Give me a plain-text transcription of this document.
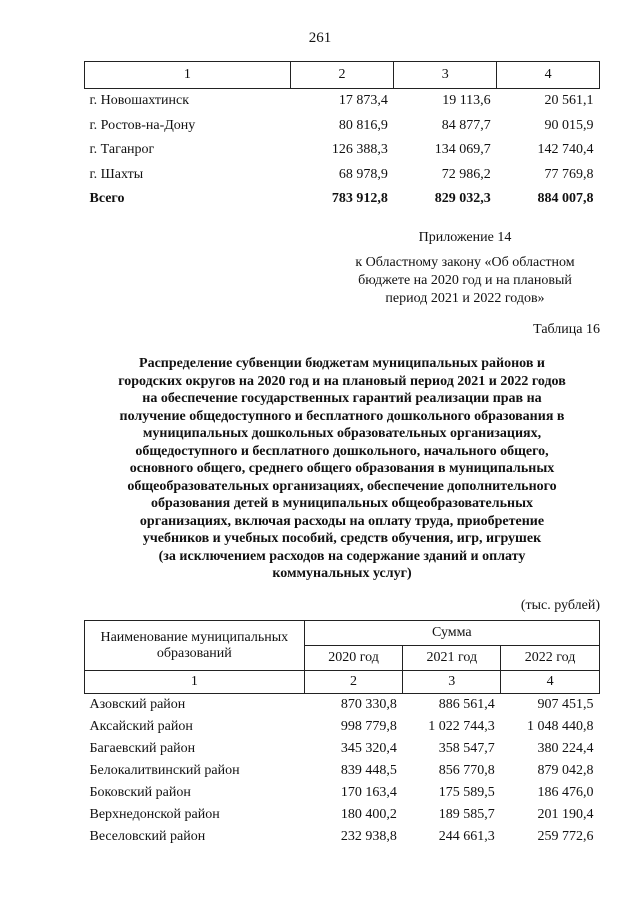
261
1	2	3	4
г. Новошахтинск	17 873,4	19 113,6	20 561,1
г. Ростов-на-Дону	80 816,9	84 877,7	90 015,9
г. Таганрог	126 388,3	134 069,7	142 740,4
г. Шахты	68 978,9	72 986,2	77 769,8
Всего	783 912,8	829 032,3	884 007,8
Приложение 14
к Областному закону «Об областном
бюджете на 2020 год и на плановый
период 2021 и 2022 годов»
Таблица 16
Распределение субвенции бюджетам муниципальных районов и
городских округов на 2020 год и на плановый период 2021 и 2022 годов
на обеспечение государственных гарантий реализации прав на
получение общедоступного и бесплатного дошкольного образования в
муниципальных дошкольных образовательных организациях,
общедоступного и бесплатного дошкольного, начального общего,
основного общего, среднего общего образования в муниципальных
общеобразовательных организациях, обеспечение дополнительного
образования детей в муниципальных общеобразовательных
организациях, включая расходы на оплату труда, приобретение
учебников и учебных пособий, средств обучения, игр, игрушек
(за исключением расходов на содержание зданий и оплату
коммунальных услуг)
(тыс. рублей)
Наименование муниципальных образований	Сумма		
	2020 год	2021 год	2022 год
1	2	3	4
Азовский район	870 330,8	886 561,4	907 451,5
Аксайский район	998 779,8	1 022 744,3	1 048 440,8
Багаевский район	345 320,4	358 547,7	380 224,4
Белокалитвинский район	839 448,5	856 770,8	879 042,8
Боковский район	170 163,4	175 589,5	186 476,0
Верхнедонской район	180 400,2	189 585,7	201 190,4
Веселовский район	232 938,8	244 661,3	259 772,6
